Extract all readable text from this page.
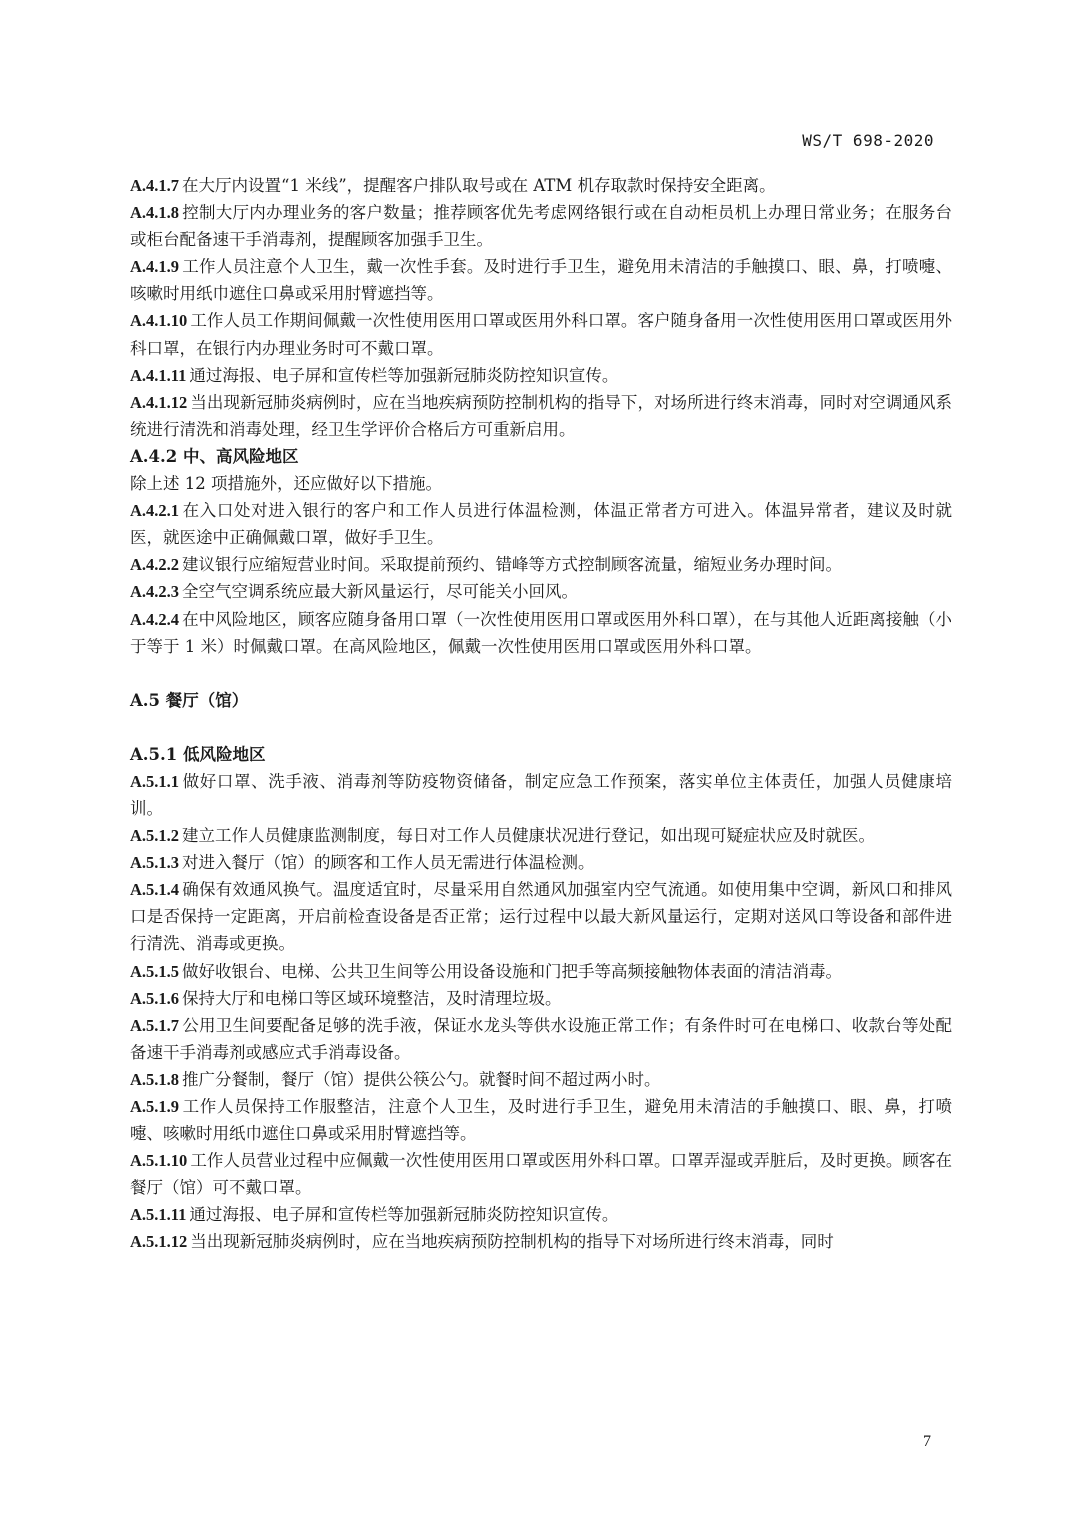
WS/T 698-2020

A.4.1.7 在大厅内设置“1 米线”，提醒客户排队取号或在 ATM 机存取款时保持安全距离。

A.4.1.8 控制大厅内办理业务的客户数量；推荐顾客优先考虑网络银行或在自动柜员机上办理日常业务；在服务台或柜台配备速干手消毒剂，提醒顾客加强手卫生。

A.4.1.9 工作人员注意个人卫生，戴一次性手套。及时进行手卫生，避免用未清洁的手触摸口、眼、鼻，打喷嚏、咳嗽时用纸巾遮住口鼻或采用肘臂遮挡等。

A.4.1.10 工作人员工作期间佩戴一次性使用医用口罩或医用外科口罩。客户随身备用一次性使用医用口罩或医用外科口罩，在银行内办理业务时可不戴口罩。

A.4.1.11 通过海报、电子屏和宣传栏等加强新冠肺炎防控知识宣传。

A.4.1.12 当出现新冠肺炎病例时，应在当地疾病预防控制机构的指导下，对场所进行终末消毒，同时对空调通风系统进行清洗和消毒处理，经卫生学评价合格后方可重新启用。

A.4.2 中、高风险地区

除上述 12 项措施外，还应做好以下措施。

A.4.2.1 在入口处对进入银行的客户和工作人员进行体温检测，体温正常者方可进入。体温异常者，建议及时就医，就医途中正确佩戴口罩，做好手卫生。

A.4.2.2 建议银行应缩短营业时间。采取提前预约、错峰等方式控制顾客流量，缩短业务办理时间。

A.4.2.3 全空气空调系统应最大新风量运行，尽可能关小回风。

A.4.2.4 在中风险地区，顾客应随身备用口罩（一次性使用医用口罩或医用外科口罩），在与其他人近距离接触（小于等于 1 米）时佩戴口罩。在高风险地区，佩戴一次性使用医用口罩或医用外科口罩。

A.5 餐厅（馆）

A.5.1 低风险地区

A.5.1.1 做好口罩、洗手液、消毒剂等防疫物资储备，制定应急工作预案，落实单位主体责任，加强人员健康培训。

A.5.1.2 建立工作人员健康监测制度，每日对工作人员健康状况进行登记，如出现可疑症状应及时就医。

A.5.1.3 对进入餐厅（馆）的顾客和工作人员无需进行体温检测。

A.5.1.4 确保有效通风换气。温度适宜时，尽量采用自然通风加强室内空气流通。如使用集中空调，新风口和排风口是否保持一定距离，开启前检查设备是否正常；运行过程中以最大新风量运行，定期对送风口等设备和部件进行清洗、消毒或更换。

A.5.1.5 做好收银台、电梯、公共卫生间等公用设备设施和门把手等高频接触物体表面的清洁消毒。

A.5.1.6 保持大厅和电梯口等区域环境整洁，及时清理垃圾。

A.5.1.7 公用卫生间要配备足够的洗手液，保证水龙头等供水设施正常工作；有条件时可在电梯口、收款台等处配备速干手消毒剂或感应式手消毒设备。

A.5.1.8 推广分餐制，餐厅（馆）提供公筷公勺。就餐时间不超过两小时。

A.5.1.9 工作人员保持工作服整洁，注意个人卫生，及时进行手卫生，避免用未清洁的手触摸口、眼、鼻，打喷嚏、咳嗽时用纸巾遮住口鼻或采用肘臂遮挡等。

A.5.1.10 工作人员营业过程中应佩戴一次性使用医用口罩或医用外科口罩。口罩弄湿或弄脏后，及时更换。顾客在餐厅（馆）可不戴口罩。

A.5.1.11 通过海报、电子屏和宣传栏等加强新冠肺炎防控知识宣传。

A.5.1.12 当出现新冠肺炎病例时，应在当地疾病预防控制机构的指导下对场所进行终末消毒，同时

7
